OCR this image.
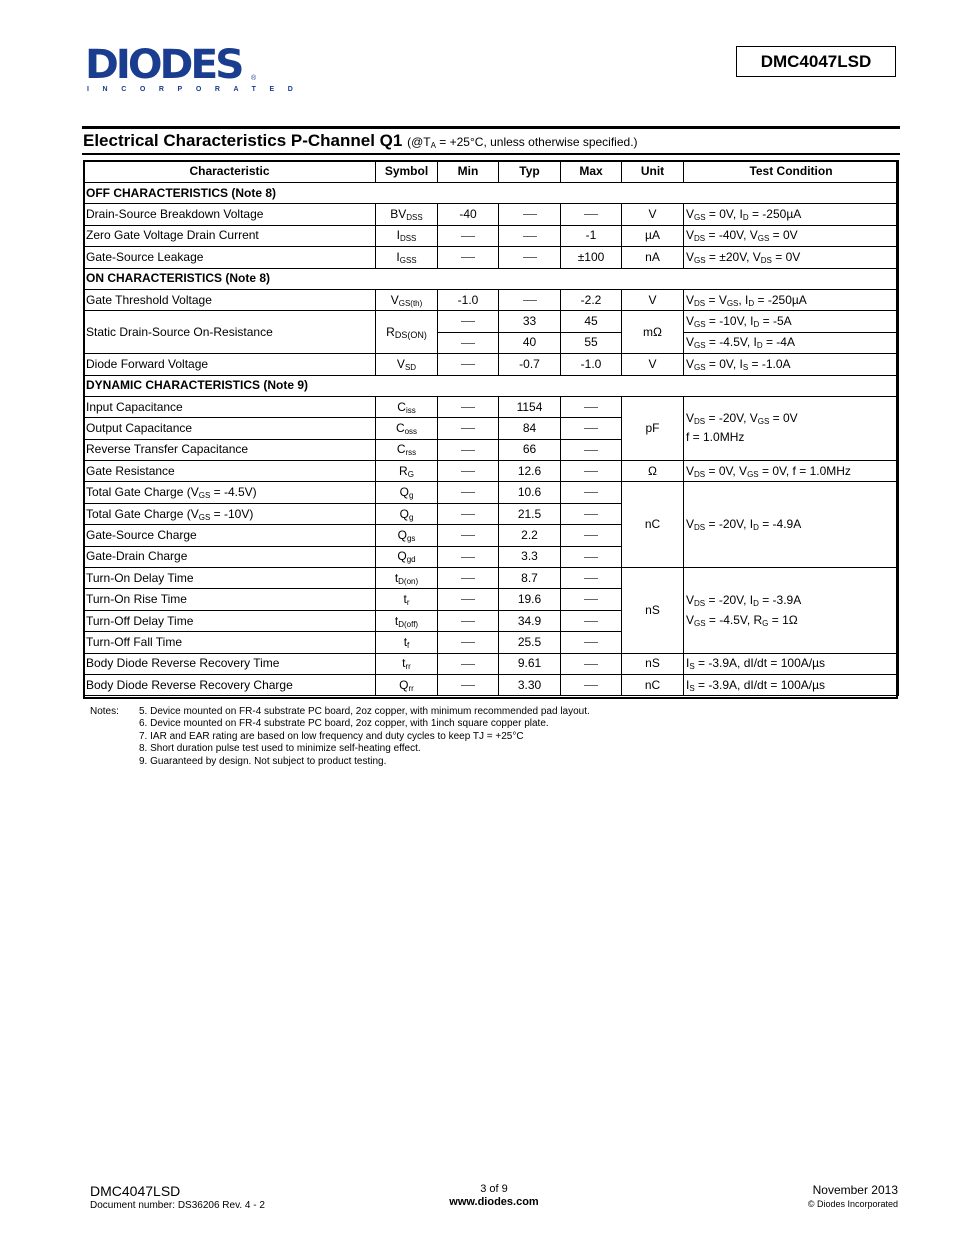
DIODES
INCORPORATED
®
DMC4047LSD
Electrical Characteristics P-Channel Q1 ($@T_A = +25^\circ C$, unless otherwise specified.)
Characteristic	Symbol	Min	Typ	Max	Unit	Test Condition
OFF CHARACTERISTICS (Note 8)						
Drain-Source Breakdown Voltage	$BV_{DSS}$	-40			V	$V_{GS} = 0V$, $I_D = -250\mu A$
Zero Gate Voltage Drain Current	$I_{DSS}$			-1	µA	$V_{DS} = -40V$, $V_{GS} = 0V$
Gate-Source Leakage	$I_{GSS}$			±100	nA	$V_{GS} = \pm 20V$, $V_{DS} = 0V$
ON CHARACTERISTICS (Note 8)						
Gate Threshold Voltage	$V_{GS(th)}$	-1.0		-2.2	V	$V_{DS} = V_{GS}$, $I_D = -250\mu A$
Static Drain-Source On-Resistance	$R_{DS(ON)}$		33	45	mΩ	$V_{GS} = -10V$, $I_D = -5A$
			40	55		$V_{GS} = -4.5V$, $I_D = -4A$
Diode Forward Voltage	$V_{SD}$		-0.7	-1.0	V	$V_{GS} = 0V$, $I_S = -1.0A$
DYNAMIC CHARACTERISTICS (Note 9)						
Input Capacitance	$C_{iss}$		1154		pF	$V_{DS} = -20V$, $V_{GS} = 0V$
f = 1.0MHz

Output Capacitance	$C_{oss}$		84			
Reverse Transfer Capacitance	$C_{rss}$		66			
Gate Resistance	$R_G$		12.6		Ω	$V_{DS} = 0V$, $V_{GS} = 0V$, f = 1.0MHz
Total Gate Charge $(V_{GS} = -4.5V)$	$Q_g$		10.6		nC	$V_{DS} = -20V$, $I_D = -4.9A$
Total Gate Charge $(V_{GS} = -10V)$	$Q_g$		21.5			
Gate-Source Charge	$Q_{gs}$		2.2			
Gate-Drain Charge	$Q_{gd}$		3.3			
Turn-On Delay Time	$t_{D(on)}$		8.7		nS	$V_{DS} = -20V$, $I_D = -3.9A$
$V_{GS} = -4.5V$, $R_G = 1\Omega$

Turn-On Rise Time	$t_r$		19.6			
Turn-Off Delay Time	$t_{D(off)}$		34.9			
Turn-Off Fall Time	$t_f$		25.5			
Body Diode Reverse Recovery Time	$t_{rr}$		9.61		nS	$I_S = -3.9A$, dI/dt = 100A/µs
Body Diode Reverse Recovery Charge	$Q_{rr}$		3.30		nC	$I_S = -3.9A$, dI/dt = 100A/µs
Notes: 5. Device mounted on FR-4 substrate PC board, 2oz copper, with minimum recommended pad layout.
6. Device mounted on FR-4 substrate PC board, 2oz copper, with 1inch square copper plate.
7. IAR and EAR rating are based on low frequency and duty cycles to keep TJ = +25°C
8. Short duration pulse test used to minimize self-heating effect.
9. Guaranteed by design. Not subject to product testing.
DMC4047LSD
Document number: DS36206 Rev. 4 - 2
3 of 9
www.diodes.com
November 2013
© Diodes Incorporated
